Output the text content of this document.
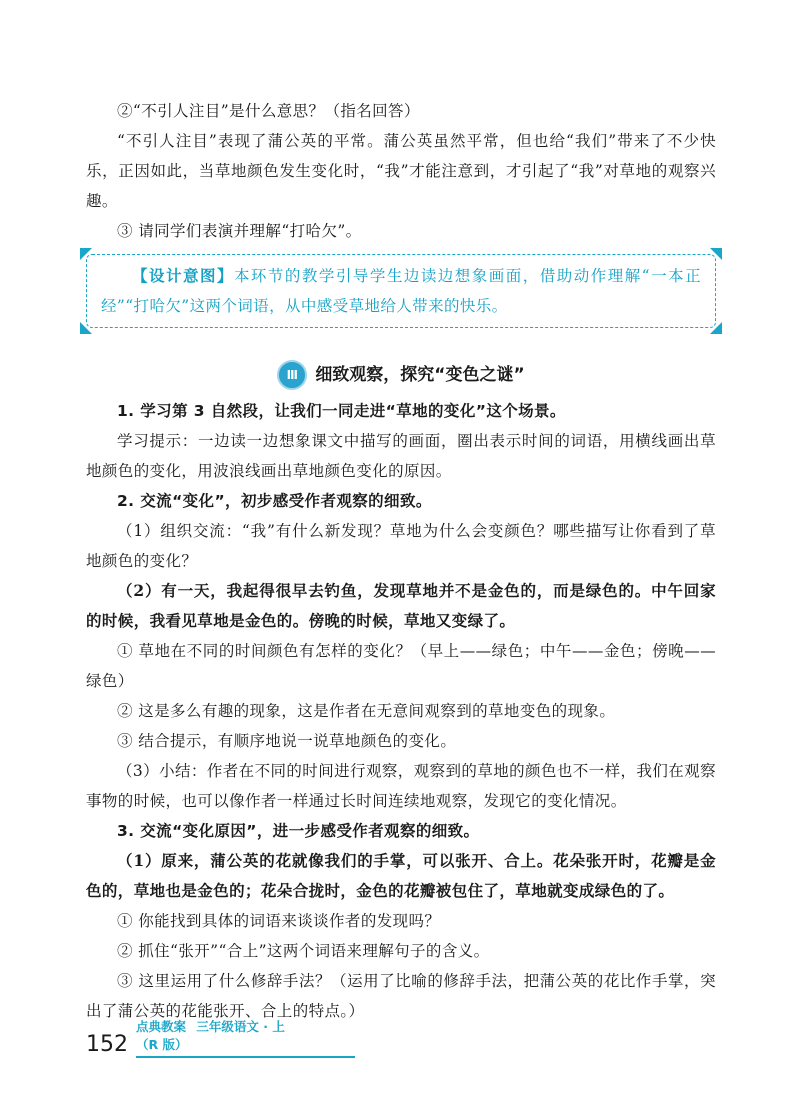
②“不引人注目”是什么意思？（指名回答）

“不引人注目”表现了蒲公英的平常。蒲公英虽然平常，但也给“我们”带来了不少快乐，正因如此，当草地颜色发生变化时，“我”才能注意到，才引起了“我”对草地的观察兴趣。

③ 请同学们表演并理解“打哈欠”。

【设计意图】本环节的教学引导学生边读边想象画面，借助动作理解“一本正经”“打哈欠”这两个词语，从中感受草地给人带来的快乐。

Ⅲ 细致观察，探究“变色之谜”

1. 学习第 3 自然段，让我们一同走进“草地的变化”这个场景。

学习提示：一边读一边想象课文中描写的画面，圈出表示时间的词语，用横线画出草地颜色的变化，用波浪线画出草地颜色变化的原因。

2. 交流“变化”，初步感受作者观察的细致。

（1）组织交流：“我”有什么新发现？草地为什么会变颜色？哪些描写让你看到了草地颜色的变化？

（2）有一天，我起得很早去钓鱼，发现草地并不是金色的，而是绿色的。中午回家的时候，我看见草地是金色的。傍晚的时候，草地又变绿了。

① 草地在不同的时间颜色有怎样的变化？（早上——绿色；中午——金色；傍晚——绿色）

② 这是多么有趣的现象，这是作者在无意间观察到的草地变色的现象。

③ 结合提示，有顺序地说一说草地颜色的变化。

（3）小结：作者在不同的时间进行观察，观察到的草地的颜色也不一样，我们在观察事物的时候，也可以像作者一样通过长时间连续地观察，发现它的变化情况。

3. 交流“变化原因”，进一步感受作者观察的细致。

（1）原来，蒲公英的花就像我们的手掌，可以张开、合上。花朵张开时，花瓣是金色的，草地也是金色的；花朵合拢时，金色的花瓣被包住了，草地就变成绿色的了。

① 你能找到具体的词语来谈谈作者的发现吗？

② 抓住“张开”“合上”这两个词语来理解句子的含义。

③ 这里运用了什么修辞手法？（运用了比喻的修辞手法，把蒲公英的花比作手掌，突出了蒲公英的花能张开、合上的特点。）

152
点典教案 三年级语文 · 上 （R 版）
